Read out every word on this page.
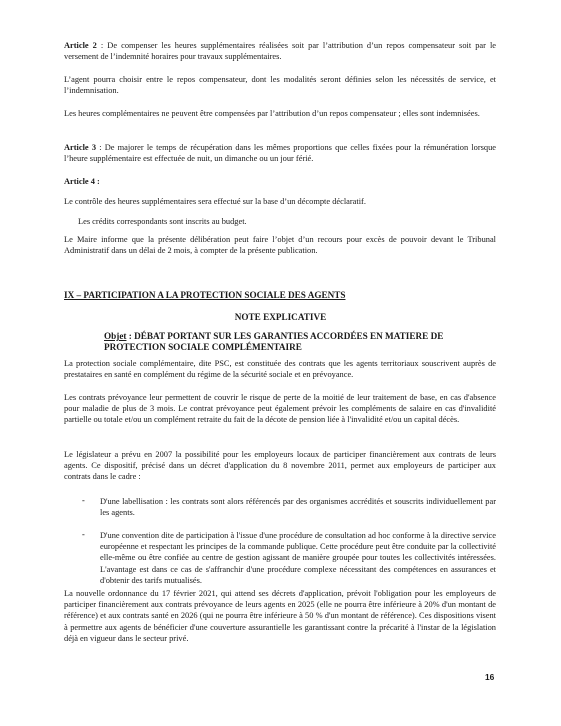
Article 2 : De compenser les heures supplémentaires réalisées soit par l’attribution d’un repos compensateur soit par le versement de l’indemnité horaires pour travaux supplémentaires.

L’agent pourra choisir entre le repos compensateur, dont les modalités seront définies selon les nécessités de service, et l’indemnisation.

Les heures complémentaires ne peuvent être compensées par l’attribution d’un repos compensateur ; elles sont indemnisées.

Article 3 : De majorer le temps de récupération dans les mêmes proportions que celles fixées pour la rémunération lorsque l’heure supplémentaire est effectuée de nuit, un dimanche ou un jour férié.

Article 4 :

Le contrôle des heures supplémentaires sera effectué sur la base d’un décompte déclaratif.

Les crédits correspondants sont inscrits au budget.

Le Maire informe que la présente délibération peut faire l’objet d’un recours pour excès de pouvoir devant le Tribunal Administratif dans un délai de 2 mois, à compter de la présente publication.

IX – PARTICIPATION A LA PROTECTION SOCIALE DES AGENTS
NOTE EXPLICATIVE
Objet : DÉBAT PORTANT SUR LES GARANTIES ACCORDÉES EN MATIERE DE PROTECTION SOCIALE COMPLÉMENTAIRE

La protection sociale complémentaire, dite PSC, est constituée des contrats que les agents territoriaux souscrivent auprès de prestataires en santé en complément du régime de la sécurité sociale et en prévoyance.

Les contrats prévoyance leur permettent de couvrir le risque de perte de la moitié de leur traitement de base, en cas d'absence pour maladie de plus de 3 mois. Le contrat prévoyance peut également prévoir les compléments de salaire en cas d'invalidité partielle ou totale et/ou un complément retraite du fait de la décote de pension liée à l'invalidité et/ou un capital décès.

Le législateur a prévu en 2007 la possibilité pour les employeurs locaux de participer financièrement aux contrats de leurs agents. Ce dispositif, précisé dans un décret d'application du 8 novembre 2011, permet aux employeurs de participer aux contrats dans le cadre :

- D'une labellisation : les contrats sont alors référencés par des organismes accrédités et souscrits individuellement par les agents.

- D'une convention dite de participation à l'issue d'une procédure de consultation ad hoc conforme à la directive service européenne et respectant les principes de la commande publique. Cette procédure peut être conduite par la collectivité elle-même ou être confiée au centre de gestion agissant de manière groupée pour toutes les collectivités intéressées. L'avantage est dans ce cas de s'affranchir d'une procédure complexe nécessitant des compétences en assurances et d'obtenir des tarifs mutualisés.

La nouvelle ordonnance du 17 février 2021, qui attend ses décrets d'application, prévoit l'obligation pour les employeurs de participer financièrement aux contrats prévoyance de leurs agents en 2025 (elle ne pourra être inférieure à 20% d'un montant de référence) et aux contrats santé en 2026 (qui ne pourra être inférieure à 50 % d'un montant de référence). Ces dispositions visent à permettre aux agents de bénéficier d'une couverture assurantielle les garantissant contre la précarité à l'instar de la législation déjà en vigueur dans le secteur privé.

16
